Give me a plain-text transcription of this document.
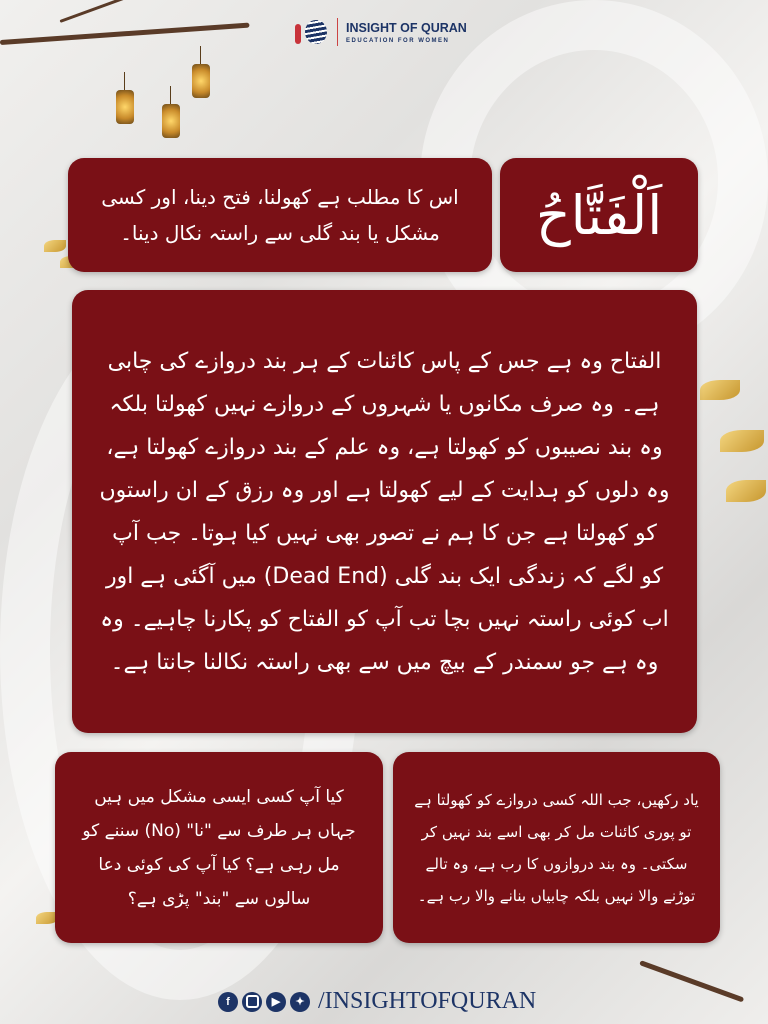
INSIGHT OF QURAN
EDUCATION FOR WOMEN
اَلْفَتَّاحُ
اس کا مطلب ہے کھولنا، فتح دینا، اور کسی مشکل یا بند گلی سے راستہ نکال دینا۔
الفتاح وہ ہے جس کے پاس کائنات کے ہر بند دروازے کی چابی ہے۔ وہ صرف مکانوں یا شہروں کے دروازے نہیں کھولتا بلکہ وہ بند نصیبوں کو کھولتا ہے، وہ علم کے بند دروازے کھولتا ہے، وہ دلوں کو ہدایت کے لیے کھولتا ہے اور وہ رزق کے ان راستوں کو کھولتا ہے جن کا ہم نے تصور بھی نہیں کیا ہوتا۔ جب آپ کو لگے کہ زندگی ایک بند گلی (Dead End) میں آگئی ہے اور اب کوئی راستہ نہیں بچا تب آپ کو الفتاح کو پکارنا چاہیے۔ وہ وہ ہے جو سمندر کے بیچ میں سے بھی راستہ نکالنا جانتا ہے۔
کیا آپ کسی ایسی مشکل میں ہیں جہاں ہر طرف سے "نا" (No) سننے کو مل رہی ہے؟ کیا آپ کی کوئی دعا سالوں سے "بند" پڑی ہے؟
یاد رکھیں، جب اللہ کسی دروازے کو کھولتا ہے تو پوری کائنات مل کر بھی اسے بند نہیں کر سکتی۔ وہ بند دروازوں کا رب ہے، وہ تالے توڑنے والا نہیں بلکہ چابیاں بنانے والا رب ہے۔
f	▶	✦ /INSIGHTOFQURAN
